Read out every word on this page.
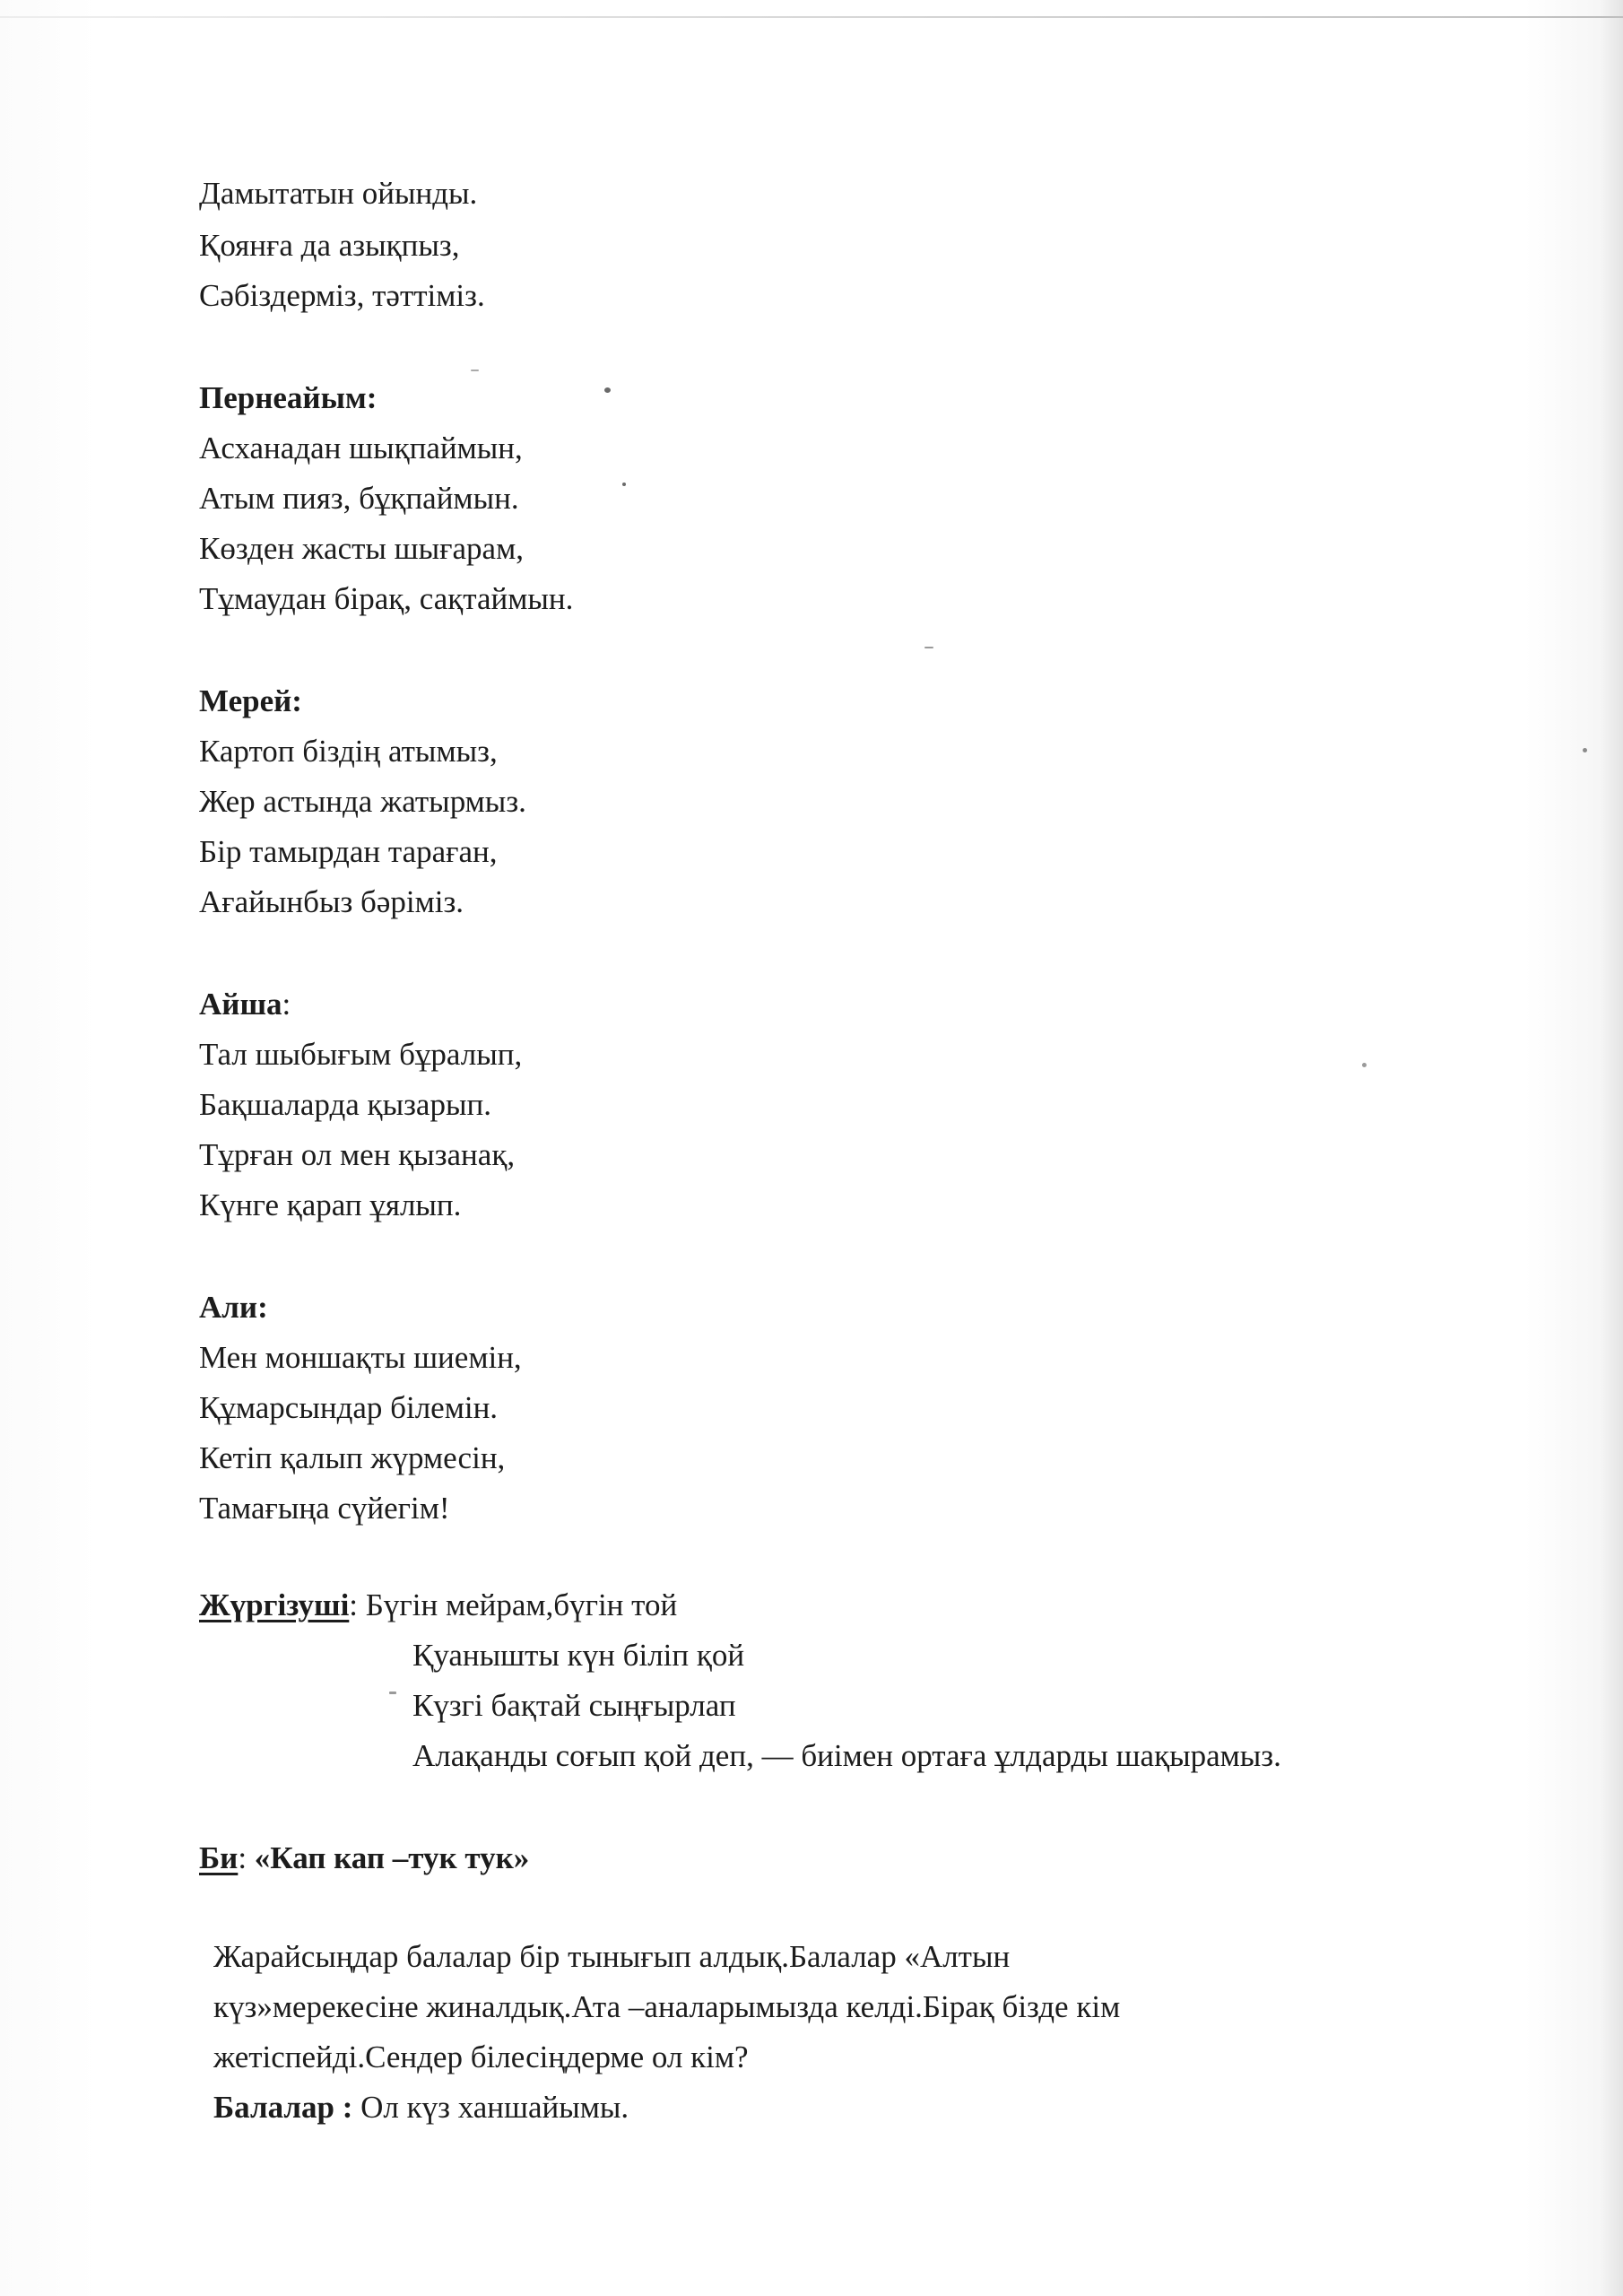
Дамытатын ойынды.
Қоянға да азықпыз,
Сәбіздерміз, тәттіміз.
Пернеайым:
Асханадан шықпаймын,
Атым пияз, бұқпаймын.
Көзден жасты шығарам,
Тұмаудан бірақ, сақтаймын.
Мерей:
Картоп біздің атымыз,
Жер астында жатырмыз.
Бір тамырдан тараған,
Ағайынбыз бәріміз.
Айша:
Тал шыбығым бұралып,
Бақшаларда қызарып.
Тұрған ол мен қызанақ,
Күнге қарап ұялып.
Али:
Мен моншақты шиемін,
Құмарсындар білемін.
Кетіп қалып жүрмесін,
Тамағыңа сүйегім!
Жүргізуші: Бүгін мейрам,бүгін той
Қуанышты күн біліп қой
Күзгі бақтай сыңғырлап
Алақанды соғып қой деп, — биімен ортаға ұлдарды шақырамыз.
Би: «Кап кап –тук тук»
Жарайсыңдар балалар бір тынығып алдық.Балалар «Алтын
күз»мерекесіне жиналдық.Ата –аналарымызда келді.Бірақ бізде кім
жетіспейді.Сендер білесіңдерме ол кім?
Балалар : Ол күз ханшайымы.
